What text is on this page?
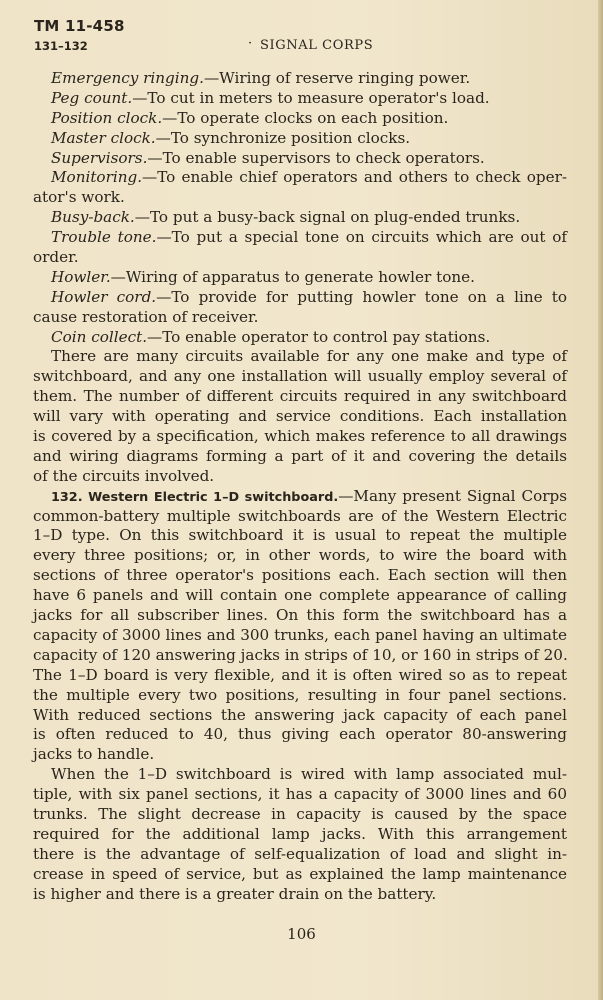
TM 11-458
131–132	· SIGNAL CORPS
Emergency ringing.—Wiring of reserve ringing power.
Peg count.—To cut in meters to measure operator's load.
Position clock.—To operate clocks on each position.
Master clock.—To synchronize position clocks.
Supervisors.—To enable supervisors to check operators.
Monitoring.—To enable chief operators and others to check oper-
ator's work.
Busy-back.—To put a busy-back signal on plug-ended trunks.
Trouble tone.—To put a special tone on circuits which are out of
order.
Howler.—Wiring of apparatus to generate howler tone.
Howler cord.—To provide for putting howler tone on a line to
cause restoration of receiver.
Coin collect.—To enable operator to control pay stations.
There are many circuits available for any one make and type of
switchboard, and any one installation will usually employ several of
them. The number of different circuits required in any switchboard
will vary with operating and service conditions. Each installation
is covered by a specification, which makes reference to all drawings
and wiring diagrams forming a part of it and covering the details
of the circuits involved.
132. Western Electric 1–D switchboard.—Many present Signal Corps
common-battery multiple switchboards are of the Western Electric
1–D type. On this switchboard it is usual to repeat the multiple
every three positions; or, in other words, to wire the board with
sections of three operator's positions each. Each section will then
have 6 panels and will contain one complete appearance of calling
jacks for all subscriber lines. On this form the switchboard has a
capacity of 3000 lines and 300 trunks, each panel having an ultimate
capacity of 120 answering jacks in strips of 10, or 160 in strips of 20.
The 1–D board is very flexible, and it is often wired so as to repeat
the multiple every two positions, resulting in four panel sections.
With reduced sections the answering jack capacity of each panel
is often reduced to 40, thus giving each operator 80-answering
jacks to handle.
When the 1–D switchboard is wired with lamp associated mul-
tiple, with six panel sections, it has a capacity of 3000 lines and 60
trunks. The slight decrease in capacity is caused by the space
required for the additional lamp jacks. With this arrangement
there is the advantage of self-equalization of load and slight in-
crease in speed of service, but as explained the lamp maintenance
is higher and there is a greater drain on the battery.
106
